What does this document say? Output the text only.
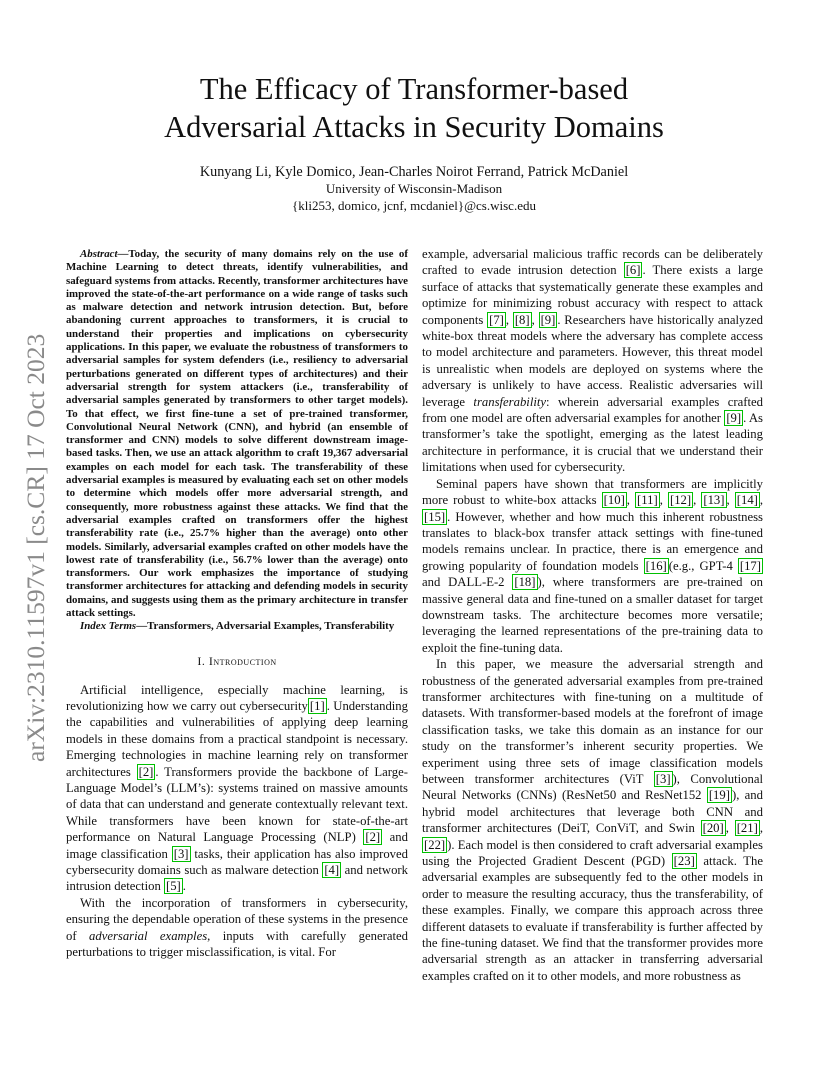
The Efficacy of Transformer-based
Adversarial Attacks in Security Domains
Kunyang Li, Kyle Domico, Jean-Charles Noirot Ferrand, Patrick McDaniel
University of Wisconsin-Madison
{kli253, domico, jcnf, mcdaniel}@cs.wisc.edu
arXiv:2310.11597v1 [cs.CR] 17 Oct 2023

Abstract—Today, the security of many domains rely on the use of Machine Learning to detect threats, identify vulnerabilities, and safeguard systems from attacks. Recently, transformer architectures have improved the state-of-the-art performance on a wide range of tasks such as malware detection and network intrusion detection. But, before abandoning current approaches to transformers, it is crucial to understand their properties and implications on cybersecurity applications. In this paper, we evaluate the robustness of transformers to adversarial samples for system defenders (i.e., resiliency to adversarial perturbations generated on different types of architectures) and their adversarial strength for system attackers (i.e., transferability of adversarial samples generated by transformers to other target models). To that effect, we first fine-tune a set of pre-trained transformer, Convolutional Neural Network (CNN), and hybrid (an ensemble of transformer and CNN) models to solve different downstream image-based tasks. Then, we use an attack algorithm to craft 19,367 adversarial examples on each model for each task. The transferability of these adversarial examples is measured by evaluating each set on other models to determine which models offer more adversarial strength, and consequently, more robustness against these attacks. We find that the adversarial examples crafted on transformers offer the highest transferability rate (i.e., 25.7% higher than the average) onto other models. Similarly, adversarial examples crafted on other models have the lowest rate of transferability (i.e., 56.7% lower than the average) onto transformers. Our work emphasizes the importance of studying transformer architectures for attacking and defending models in security domains, and suggests using them as the primary architecture in transfer attack settings.

Index Terms—Transformers, Adversarial Examples, Transferability

I. Introduction

Artificial intelligence, especially machine learning, is revolutionizing how we carry out cybersecurity [1] . Understanding the capabilities and vulnerabilities of applying deep learning models in these domains from a practical standpoint is necessary. Emerging technologies in machine learning rely on transformer architectures [2] . Transformers provide the backbone of Large-Language Model’s (LLM’s): systems trained on massive amounts of data that can understand and generate contextually relevant text. While transformers have been known for state-of-the-art performance on Natural Language Processing (NLP) [2] and image classification [3] tasks, their application has also improved cybersecurity domains such as malware detection [4] and network intrusion detection [5] .

With the incorporation of transformers in cybersecurity, ensuring the dependable operation of these systems in the presence of adversarial examples, inputs with carefully generated perturbations to trigger misclassification, is vital. For

example, adversarial malicious traffic records can be deliberately crafted to evade intrusion detection [6] . There exists a large surface of attacks that systematically generate these examples and optimize for minimizing robust accuracy with respect to attack components [7] , [8] , [9] . Researchers have historically analyzed white-box threat models where the adversary has complete access to model architecture and parameters. However, this threat model is unrealistic when models are deployed on systems where the adversary is unlikely to have access. Realistic adversaries will leverage transferability: wherein adversarial examples crafted from one model are often adversarial examples for another [9] . As transformer’s take the spotlight, emerging as the latest leading architecture in performance, it is crucial that we understand their limitations when used for cybersecurity.

Seminal papers have shown that transformers are implicitly more robust to white-box attacks [10] , [11] , [12] , [13] , [14] , [15] . However, whether and how much this inherent robustness translates to black-box transfer attack settings with fine-tuned models remains unclear. In practice, there is an emergence and growing popularity of foundation models [16] (e.g., GPT-4 [17] and DALL-E-2 [18] ), where transformers are pre-trained on massive general data and fine-tuned on a smaller dataset for target downstream tasks. The architecture becomes more versatile; leveraging the learned representations of the pre-training data to exploit the fine-tuning data.

In this paper, we measure the adversarial strength and robustness of the generated adversarial examples from pre-trained transformer architectures with fine-tuning on a multitude of datasets. With transformer-based models at the forefront of image classification tasks, we take this domain as an instance for our study on the transformer’s inherent security properties. We experiment using three sets of image classification models between transformer architectures (ViT [3] ), Convolutional Neural Networks (CNNs) (ResNet50 and ResNet152 [19] ), and hybrid model architectures that leverage both CNN and transformer architectures (DeiT, ConViT, and Swin [20] , [21] , [22] ). Each model is then considered to craft adversarial examples using the Projected Gradient Descent (PGD) [23] attack. The adversarial examples are subsequently fed to the other models in order to measure the resulting accuracy, thus the transferability, of these examples. Finally, we compare this approach across three different datasets to evaluate if transferability is further affected by the fine-tuning dataset. We find that the transformer provides more adversarial strength as an attacker in transferring adversarial examples crafted on it to other models, and more robustness as
